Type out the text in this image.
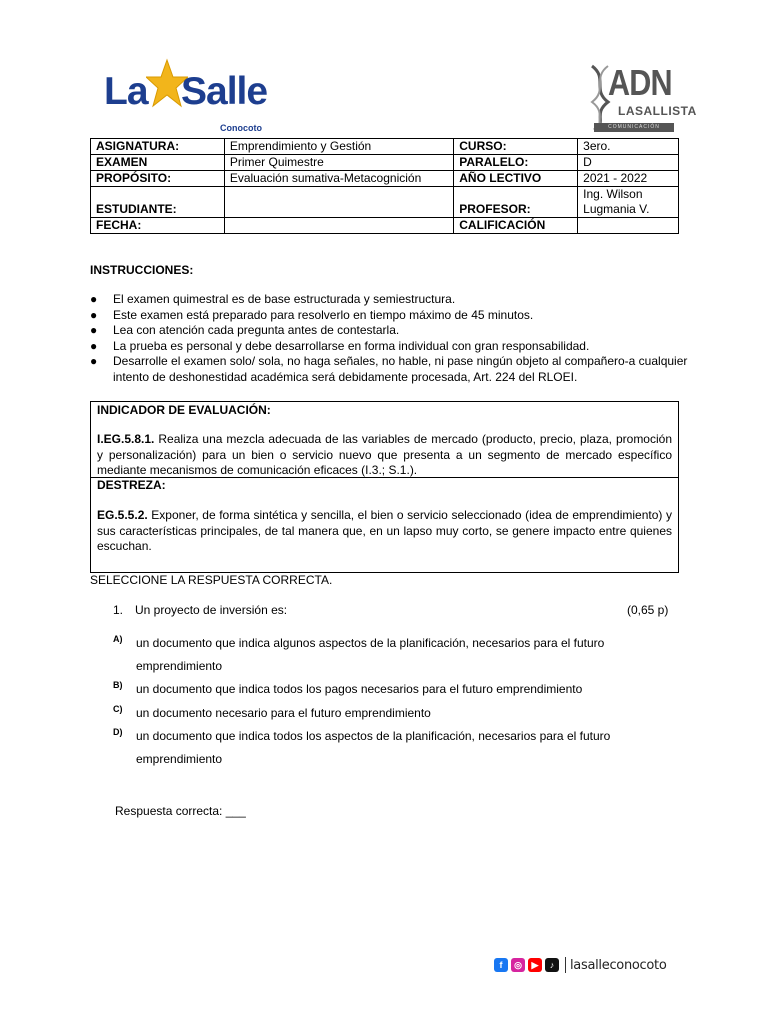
La Salle
Conocoto
ADN
LASALLISTA
COMUNICACIÓN
ASIGNATURA:	Emprendimiento y Gestión	CURSO:	3ero.
EXAMEN	Primer Quimestre	PARALELO:	D
PROPÓSITO:	Evaluación sumativa-Metacognición	AÑO LECTIVO	2021 - 2022
ESTUDIANTE:		PROFESOR:	Ing. Wilson
Lugmania V.
FECHA:		CALIFICACIÓN	
INSTRUCCIONES:
● El examen quimestral es de base estructurada y semiestructura.
● Este examen está preparado para resolverlo en tiempo máximo de 45 minutos.
● Lea con atención cada pregunta antes de contestarla.
● La prueba es personal y debe desarrollarse en forma individual con gran responsabilidad.
● Desarrolle el examen solo/ sola, no haga señales, no hable, ni pase ningún objeto al compañero-a cualquier intento de deshonestidad académica será debidamente procesada, Art. 224 del RLOEI.
INDICADOR DE EVALUACIÓN:
I.EG.5.8.1. Realiza una mezcla adecuada de las variables de mercado (producto, precio, plaza, promoción y personalización) para un bien o servicio nuevo que presenta a un segmento de mercado específico mediante mecanismos de comunicación eficaces (I.3.; S.1.).
DESTREZA:
EG.5.5.2. Exponer, de forma sintética y sencilla, el bien o servicio seleccionado (idea de emprendimiento) y sus características principales, de tal manera que, en un lapso muy corto, se genere impacto entre quienes escuchan.
SELECCIONE LA RESPUESTA CORRECTA.
1. Un proyecto de inversión es:	(0,65 p)
A) un documento que indica algunos aspectos de la planificación, necesarios para el futuro emprendimiento
B) un documento que indica todos los pagos necesarios para el futuro emprendimiento
C) un documento necesario para el futuro emprendimiento
D) un documento que indica todos los aspectos de la planificación, necesarios para el futuro emprendimiento
Respuesta correcta: ___
f	◎	▶	♪	lasalleconocoto
